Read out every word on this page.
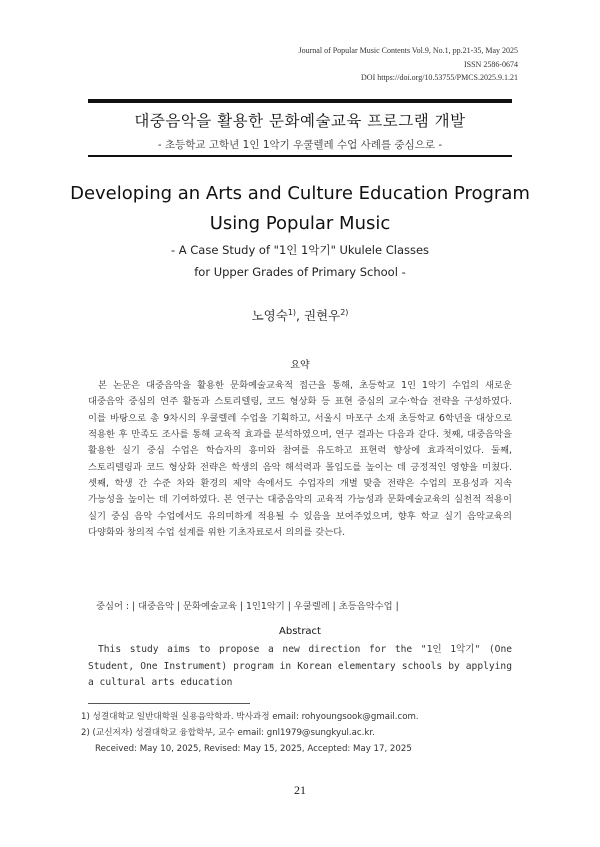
Journal of Popular Music Contents Vol.9, No.1, pp.21-35, May 2025
ISSN 2586-0674
DOI https://doi.org/10.53755/PMCS.2025.9.1.21
대중음악을 활용한 문화예술교육 프로그램 개발
- 초등학교 고학년 1인 1악기 우쿨렐레 수업 사례를 중심으로 -
Developing an Arts and Culture Education Program
Using Popular Music
- A Case Study of "1인 1악기" Ukulele Classes
for Upper Grades of Primary School -
노영숙$^{1)}$, 권현우$^{2)}$
요약
본 논문은 대중음악을 활용한 문화예술교육적 접근을 통해, 초등학교 1인 1악기 수업의 새로운 대중음악 중심의 연주 활동과 스토리텔링, 코드 형상화 등 표현 중심의 교수·학습 전략을 구성하였다. 이를 바탕으로 총 9차시의 우쿨렐레 수업을 기획하고, 서울시 마포구 소재 초등학교 6학년을 대상으로 적용한 후 만족도 조사를 통해 교육적 효과를 분석하였으며, 연구 결과는 다음과 같다. 첫째, 대중음악을 활용한 실기 중심 수업은 학습자의 흥미와 참여를 유도하고 표현력 향상에 효과적이었다. 둘째, 스토리텔링과 코드 형상화 전략은 학생의 음악 해석력과 몰입도를 높이는 데 긍정적인 영향을 미쳤다. 셋째, 학생 간 수준 차와 환경의 제약 속에서도 수업자의 개별 맞춤 전략은 수업의 포용성과 지속 가능성을 높이는 데 기여하였다. 본 연구는 대중음악의 교육적 가능성과 문화예술교육의 실천적 적용이 실기 중심 음악 수업에서도 유의미하게 적용될 수 있음을 보여주었으며, 향후 학교 실기 음악교육의 다양화와 창의적 수업 설계를 위한 기초자료로서 의의를 갖는다.
중심어 : | 대중음악 | 문화예술교육 | 1인1악기 | 우쿨렐레 | 초등음악수업 |
Abstract
This study aims to propose a new direction for the "1인 1악기" (One Student, One Instrument) program in Korean elementary schools by applying a cultural arts education
1) 성결대학교 일반대학원 실용음악학과. 박사과정 email: rohyoungsook@gmail.com.
2) (교신저자) 성결대학교 융합학부, 교수 email: gnl1979@sungkyul.ac.kr.
Received: May 10, 2025, Revised: May 15, 2025, Accepted: May 17, 2025
21
